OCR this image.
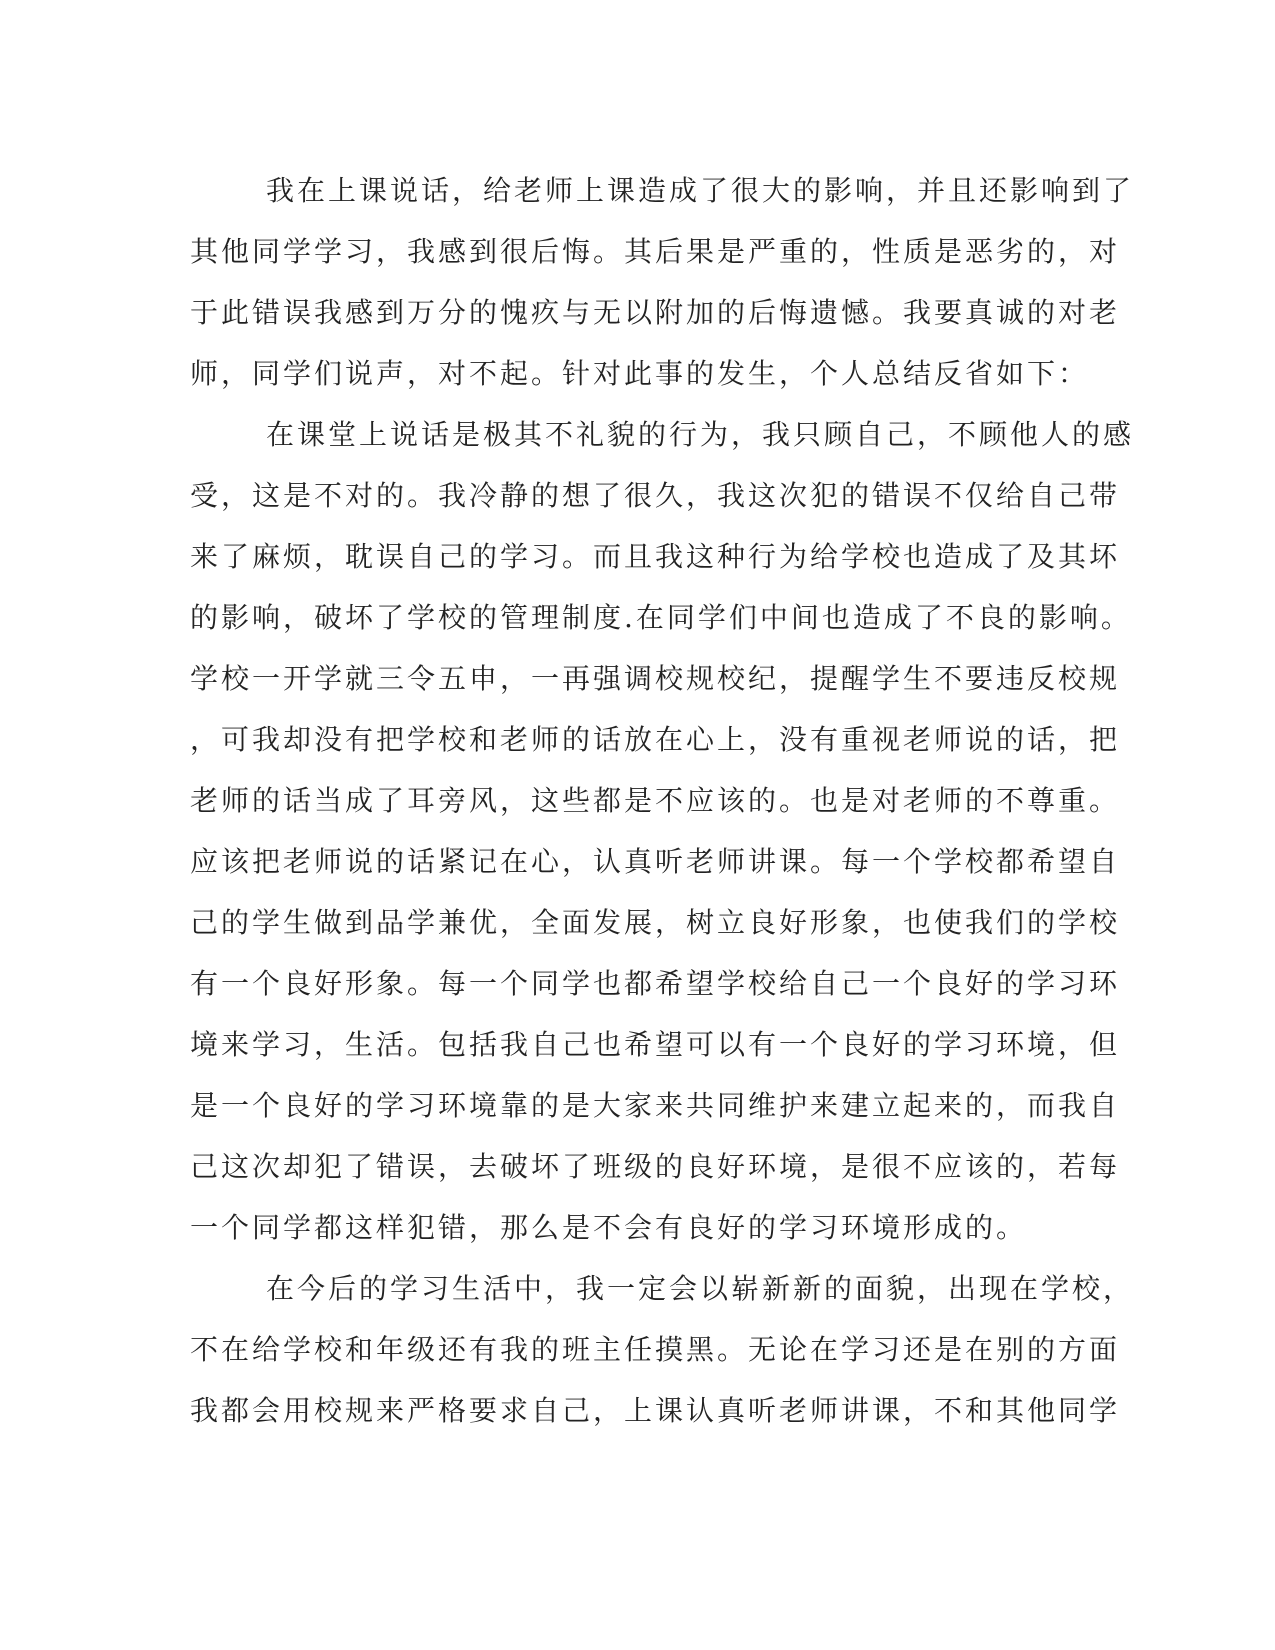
我在上课说话，给老师上课造成了很大的影响，并且还影响到了
其他同学学习，我感到很后悔。其后果是严重的，性质是恶劣的，对
于此错误我感到万分的愧疚与无以附加的后悔遗憾。我要真诚的对老
师，同学们说声，对不起。针对此事的发生，个人总结反省如下：
在课堂上说话是极其不礼貌的行为，我只顾自己，不顾他人的感
受，这是不对的。我冷静的想了很久，我这次犯的错误不仅给自己带
来了麻烦，耽误自己的学习。而且我这种行为给学校也造成了及其坏
的影响，破坏了学校的管理制度.在同学们中间也造成了不良的影响。
学校一开学就三令五申，一再强调校规校纪，提醒学生不要违反校规
，可我却没有把学校和老师的话放在心上，没有重视老师说的话，把
老师的话当成了耳旁风，这些都是不应该的。也是对老师的不尊重。
应该把老师说的话紧记在心，认真听老师讲课。每一个学校都希望自
己的学生做到品学兼优，全面发展，树立良好形象，也使我们的学校
有一个良好形象。每一个同学也都希望学校给自己一个良好的学习环
境来学习，生活。包括我自己也希望可以有一个良好的学习环境，但
是一个良好的学习环境靠的是大家来共同维护来建立起来的，而我自
己这次却犯了错误，去破坏了班级的良好环境，是很不应该的，若每
一个同学都这样犯错，那么是不会有良好的学习环境形成的。
在今后的学习生活中，我一定会以崭新新的面貌，出现在学校，
不在给学校和年级还有我的班主任摸黑。无论在学习还是在别的方面
我都会用校规来严格要求自己，上课认真听老师讲课，不和其他同学
